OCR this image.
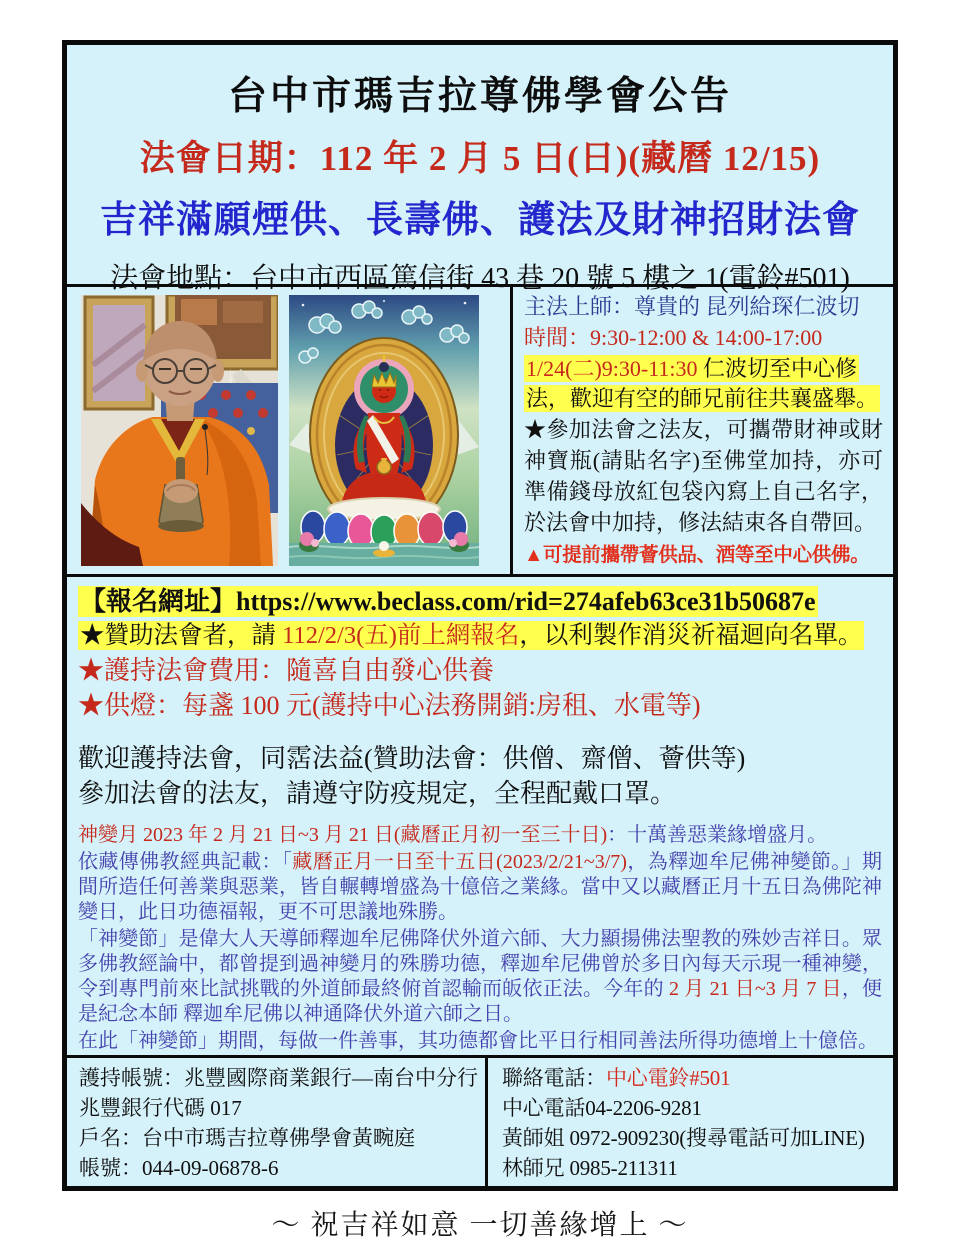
台中市瑪吉拉尊佛學會公告
法會日期：112 年 2 月 5 日(日)(藏曆 12/15)
吉祥滿願煙供、長壽佛、護法及財神招財法會
法會地點：台中市西區篤信街 43 巷 20 號 5 樓之 1(電鈴#501)
主法上師：尊貴的 昆列給琛仁波切
時間：9:30-12:00 & 14:00-17:00
1/24(二)9:30-11:30 仁波切至中心修法，歡迎有空的師兄前往共襄盛舉。
★參加法會之法友，可攜帶財神或財神寶瓶(請貼名字)至佛堂加持，亦可準備錢母放紅包袋內寫上自己名字，於法會中加持，修法結束各自帶回。
▲可提前攜帶薈供品、酒等至中心供佛。
【報名網址】https://www.beclass.com/rid=274afeb63ce31b50687e
★贊助法會者，請 112/2/3(五)前上網報名，以利製作消災祈福迴向名單。
★護持法會費用：隨喜自由發心供養
★供燈：每盞 100 元(護持中心法務開銷:房租、水電等)
歡迎護持法會，同霑法益(贊助法會：供僧、齋僧、薈供等)
參加法會的法友，請遵守防疫規定，全程配戴口罩。

神變月 2023 年 2 月 21 日~3 月 21 日(藏曆正月初一至三十日)：十萬善惡業緣增盛月。

依藏傳佛教經典記載：「藏曆正月一日至十五日(2023/2/21~3/7)，為釋迦牟尼佛神變節。」期間所造任何善業與惡業，皆自輾轉增盛為十億倍之業緣。當中又以藏曆正月十五日為佛陀神變日，此日功德福報，更不可思議地殊勝。

「神變節」是偉大人天導師釋迦牟尼佛降伏外道六師、大力顯揚佛法聖教的殊妙吉祥日。眾多佛教經論中，都曾提到過神變月的殊勝功德，釋迦牟尼佛曾於多日內每天示現一種神變，令到專門前來比試挑戰的外道師最終俯首認輸而皈依正法。今年的 2 月 21 日~3 月 7 日，便是紀念本師 釋迦牟尼佛以神通降伏外道六師之日。

在此「神變節」期間，每做一件善事，其功德都會比平日行相同善法所得功德增上十億倍。

護持帳號：兆豐國際商業銀行—南台中分行
兆豐銀行代碼 017
戶名：台中市瑪吉拉尊佛學會黃畹庭
帳號：044-09-06878-6
聯絡電話：中心電鈴#501
中心電話04-2206-9281
黃師姐 0972-909230(搜尋電話可加LINE)
林師兄 0985-211311
～ 祝吉祥如意 一切善緣增上 ～
